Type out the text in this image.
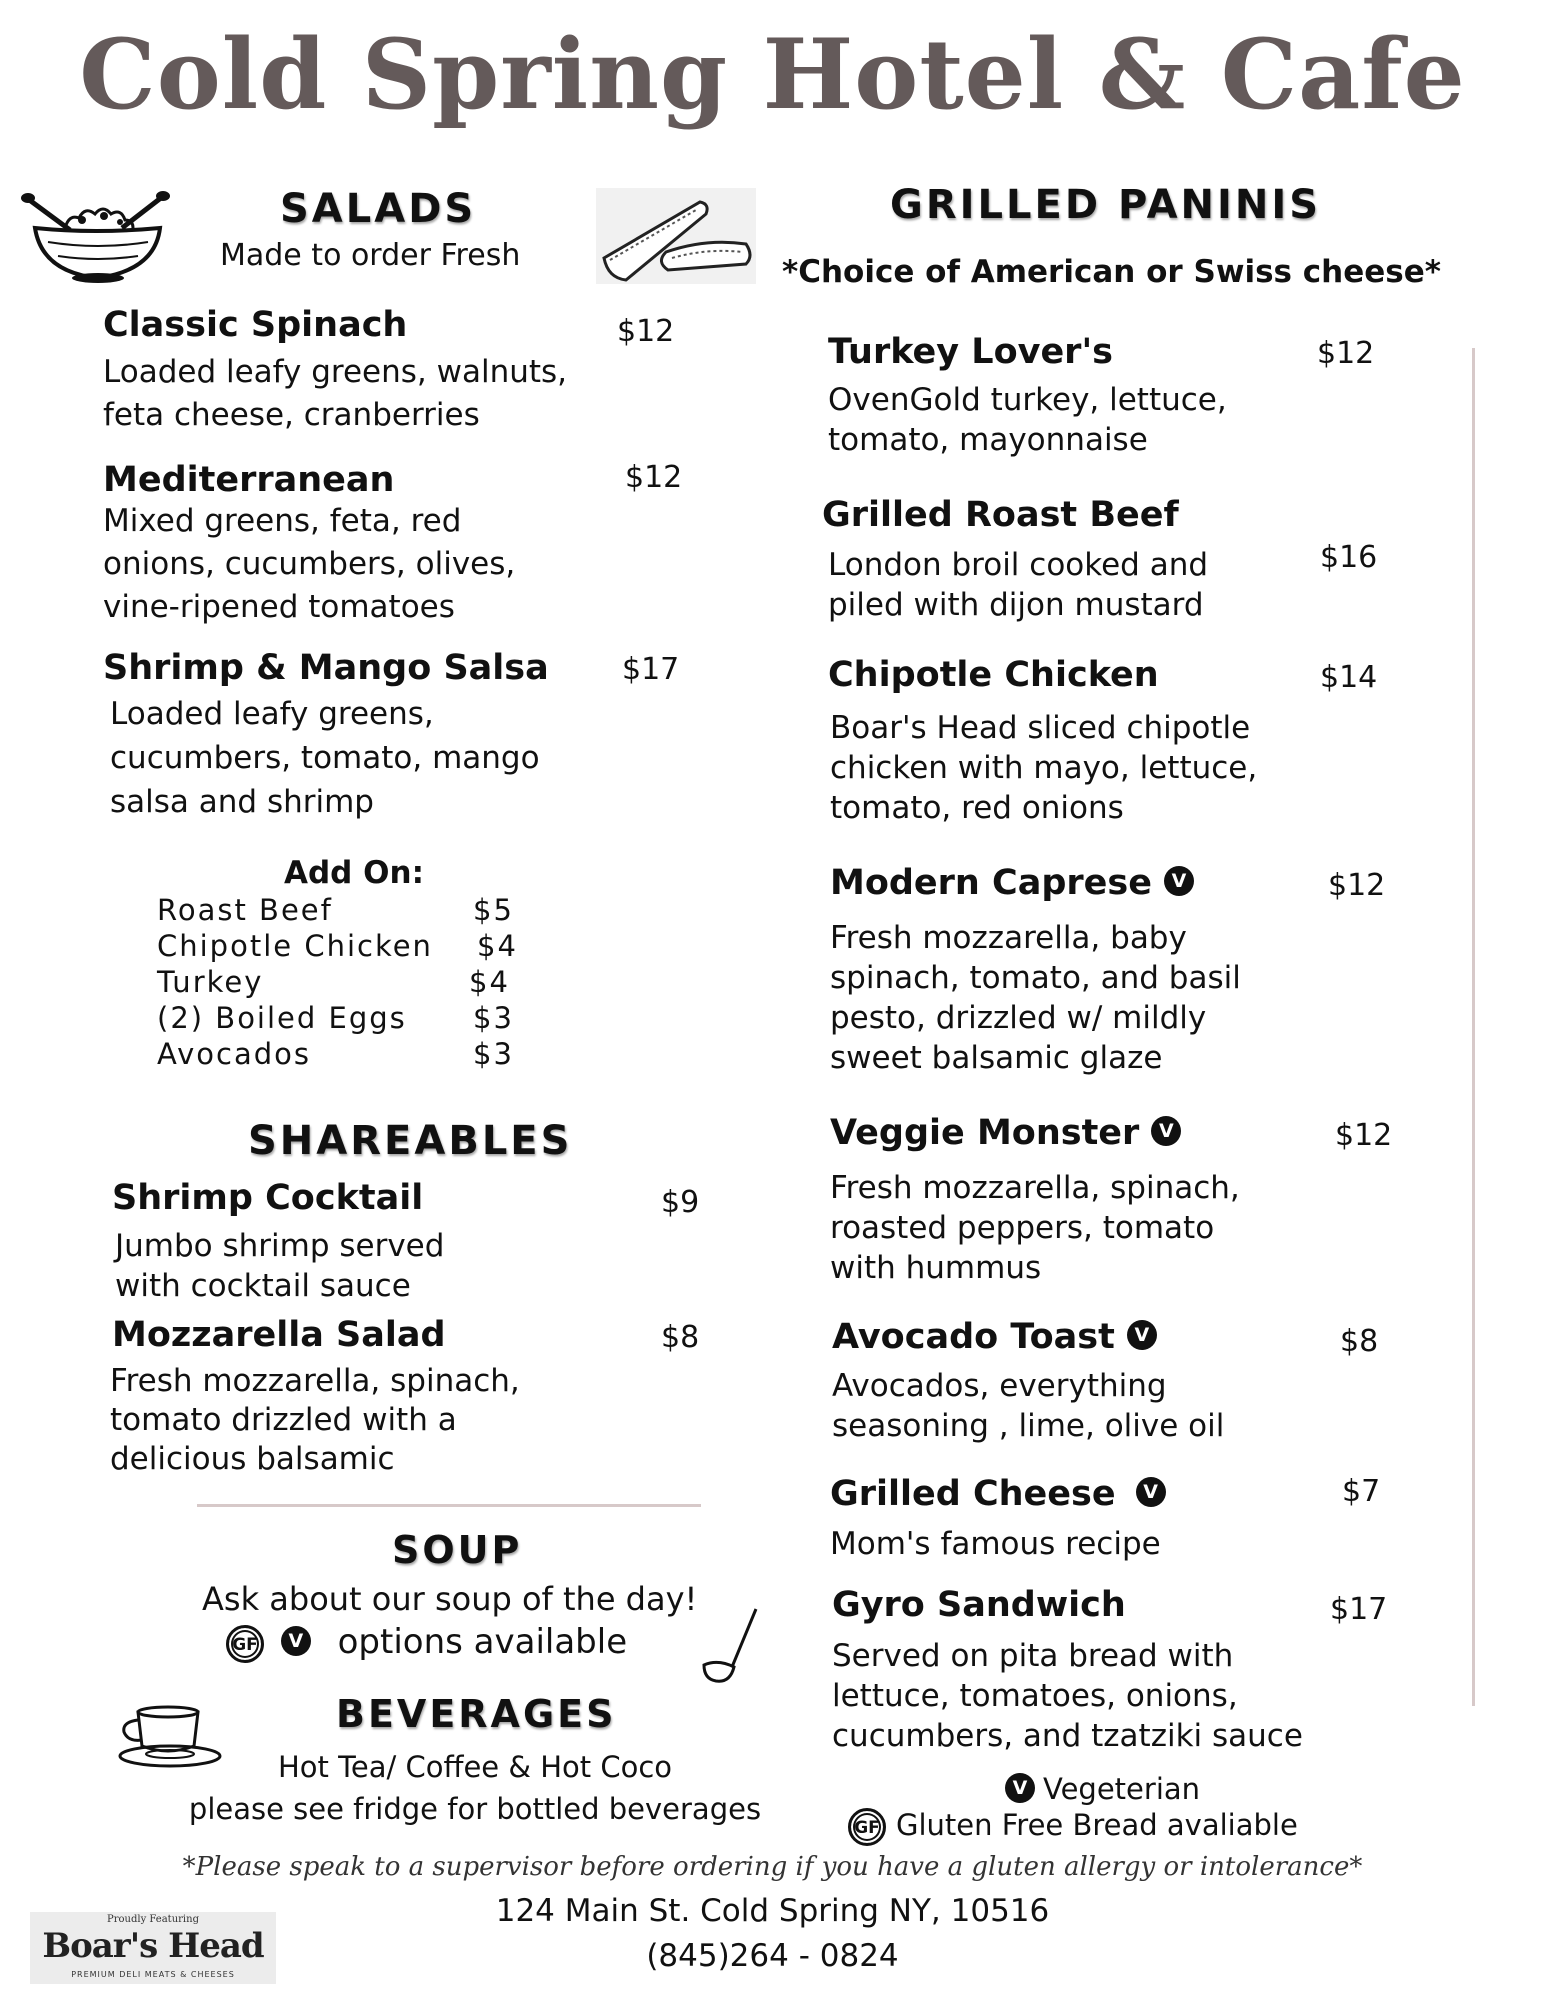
Cold Spring Hotel & Cafe
SALADS
Made to order Fresh
Classic Spinach	$12
Loaded leafy greens, walnuts,
feta cheese, cranberries
Mediterranean	$12
Mixed greens, feta, red
onions, cucumbers, olives,
vine-ripened tomatoes
Shrimp & Mango Salsa $17
Loaded leafy greens,
cucumbers, tomato, mango
salsa and shrimp
Add On:
Roast Beef	$5
Chipotle Chicken $4
Turkey	$4
(2) Boiled Eggs $3
Avocados	$3
SHAREABLES
Shrimp Cocktail	$9
Jumbo shrimp served
with cocktail sauce
Mozzarella Salad	$8
Fresh mozzarella, spinach,
tomato drizzled with a
delicious balsamic
SOUP
Ask about our soup of the day!
GF V options available
BEVERAGES
Hot Tea/ Coffee & Hot Coco
please see fridge for bottled beverages
GRILLED PANINIS
*Choice of American or Swiss cheese*
Turkey Lover's	$12
OvenGold turkey, lettuce,
tomato, mayonnaise
Grilled Roast Beef
$16
London broil cooked and
piled with dijon mustard
Chipotle Chicken	$14
Boar's Head sliced chipotle
chicken with mayo, lettuce,
tomato, red onions
Modern Caprese V	$12
Fresh mozzarella, baby
spinach, tomato, and basil
pesto, drizzled w/ mildly
sweet balsamic glaze
Veggie Monster V	$12
Fresh mozzarella, spinach,
roasted peppers, tomato
with hummus
Avocado Toast V	$8
Avocados, everything
seasoning , lime, olive oil
Grilled Cheese V	$7
Mom's famous recipe
Gyro Sandwich	$17
Served on pita bread with
lettuce, tomatoes, onions,
cucumbers, and tzatziki sauce
V Vegeterian
GF Gluten Free Bread avaliable
*Please speak to a supervisor before ordering if you have a gluten allergy or intolerance*
124 Main St. Cold Spring NY, 10516
(845)264 - 0824
Proudly Featuring
Boar's Head
PREMIUM DELI MEATS & CHEESES
